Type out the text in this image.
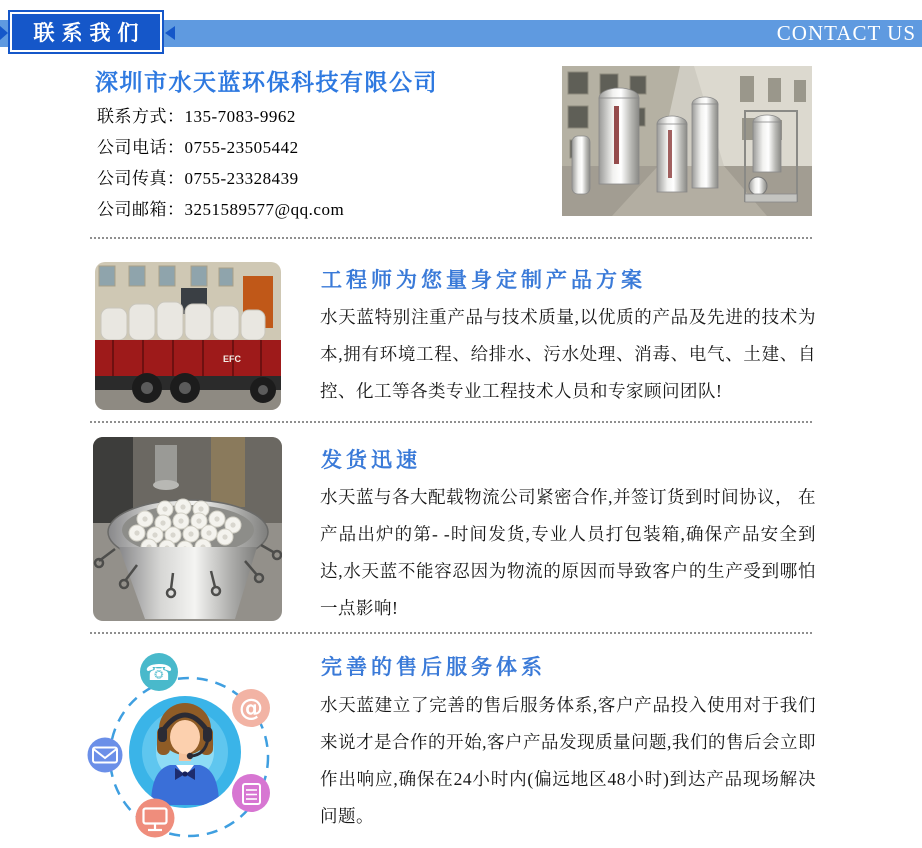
CONTACT US
联系我们
深圳市水天蓝环保科技有限公司
联系方式：135-7083-9962
公司电话：0755-23505442
公司传真：0755-23328439
公司邮箱：3251589577@qq.com
EFC
工程师为您量身定制产品方案
水天蓝特别注重产品与技术质量,以优质的产品及先进的技术为本,拥有环境工程、给排水、污水处理、消毒、电气、土建、自控、化工等各类专业工程技术人员和专家顾问团队!
发货迅速
水天蓝与各大配载物流公司紧密合作,并签订货到时间协议， 在产品出炉的第- -时间发货,专业人员打包装箱,确保产品安全到达,水天蓝不能容忍因为物流的原因而导致客户的生产受到哪怕一点影响!
☎
@
完善的售后服务体系
水天蓝建立了完善的售后服务体系,客户产品投入使用对于我们来说才是合作的开始,客户产品发现质量问题,我们的售后会立即作出响应,确保在24小时内(偏远地区48小时)到达产品现场解决问题。
